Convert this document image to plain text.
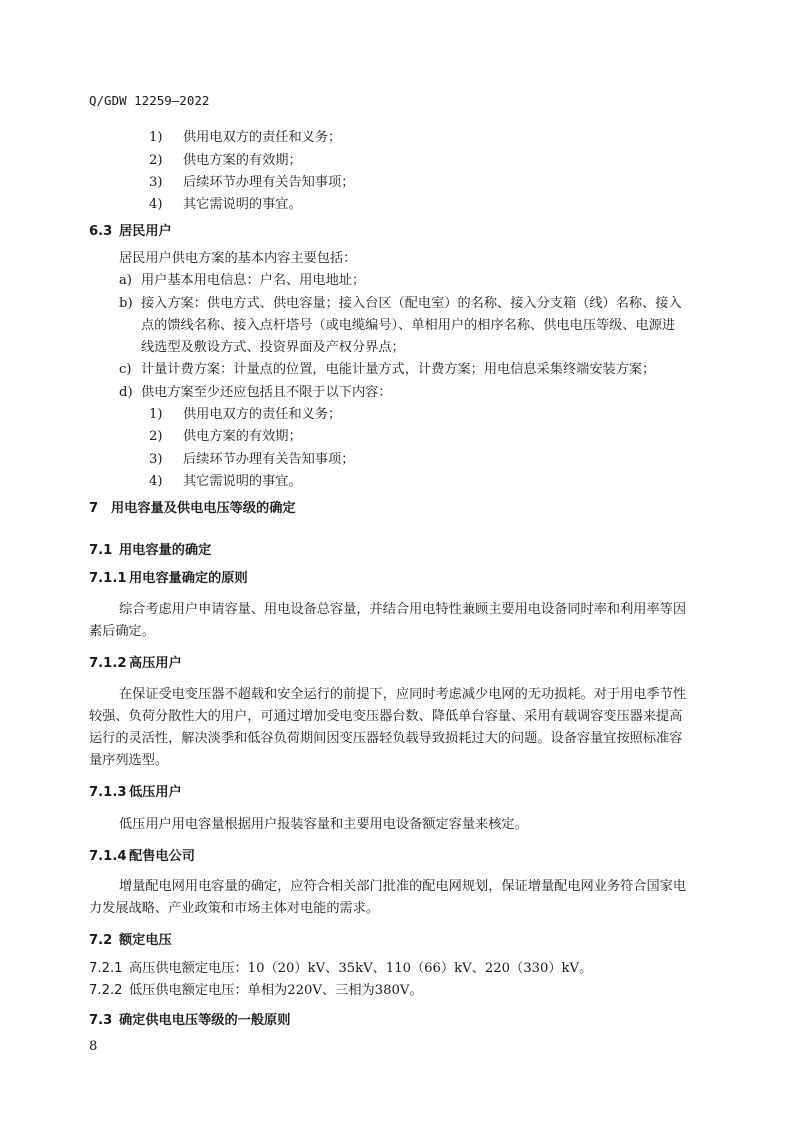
Q/GDW 12259—2022
1) 供用电双方的责任和义务；
2) 供电方案的有效期；
3) 后续环节办理有关告知事项；
4) 其它需说明的事宜。
6.3 居民用户
居民用户供电方案的基本内容主要包括：
a) 用户基本用电信息：户名、用电地址；
b) 接入方案：供电方式、供电容量；接入台区（配电室）的名称、接入分支箱（线）名称、接入
点的馈线名称、接入点杆塔号（或电缆编号）、单相用户的相序名称、供电电压等级、电源进
线选型及敷设方式、投资界面及产权分界点；
c) 计量计费方案：计量点的位置，电能计量方式，计费方案；用电信息采集终端安装方案；
d) 供电方案至少还应包括且不限于以下内容：
1) 供用电双方的责任和义务；
2) 供电方案的有效期；
3) 后续环节办理有关告知事项；
4) 其它需说明的事宜。
7 用电容量及供电电压等级的确定
7.1 用电容量的确定
7.1.1 用电容量确定的原则
综合考虑用户申请容量、用电设备总容量，并结合用电特性兼顾主要用电设备同时率和利用率等因
素后确定。
7.1.2 高压用户
在保证受电变压器不超载和安全运行的前提下，应同时考虑减少电网的无功损耗。对于用电季节性
较强、负荷分散性大的用户，可通过增加受电变压器台数、降低单台容量、采用有载调容变压器来提高
运行的灵活性，解决淡季和低谷负荷期间因变压器轻负载导致损耗过大的问题。设备容量宜按照标准容
量序列选型。
7.1.3 低压用户
低压用户用电容量根据用户报装容量和主要用电设备额定容量来核定。
7.1.4 配售电公司
增量配电网用电容量的确定，应符合相关部门批准的配电网规划，保证增量配电网业务符合国家电
力发展战略、产业政策和市场主体对电能的需求。
7.2 额定电压
7.2.1 高压供电额定电压：10（20）kV、35kV、110（66）kV、220（330）kV。
7.2.2 低压供电额定电压：单相为220V、三相为380V。
7.3 确定供电电压等级的一般原则
8
